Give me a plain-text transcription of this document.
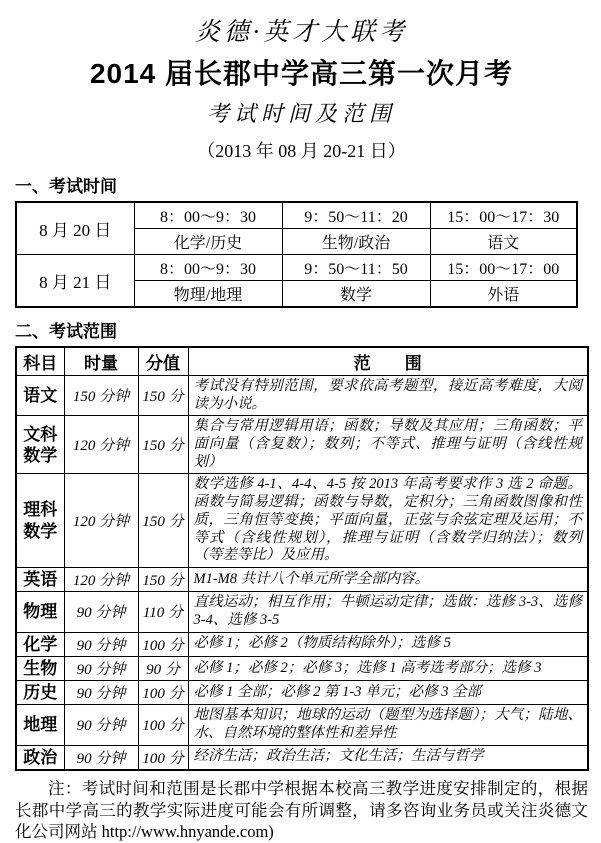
炎德·英才大联考
2014 届长郡中学高三第一次月考
考试时间及范围
（2013 年 08 月 20-21 日）
一、考试时间
8 月 20 日	8：00～9：30	9：50～11：20	15：00～17：30
	化学/历史	生物/政治	语文
8 月 21 日	8：00～9：30	9：50～11：50	15：00～17：00
	物理/地理	数学	外语
二、考试范围
科目	时量	分值	范　　围
语文	150 分钟	150 分	考试没有特别范围，要求依高考题型，接近高考难度，大阅读为小说。
文科数学	120 分钟	150 分	集合与常用逻辑用语；函数；导数及其应用；三角函数；平面向量（含复数）；数列；不等式、推理与证明（含线性规划）
理科数学	120 分钟	150 分	数学选修 4-1、4-4、4-5 按 2013 年高考要求作 3 选 2 命题。函数与简易逻辑；函数与导数，定积分；三角函数图像和性质，三角恒等变换；平面向量，正弦与余弦定理及运用；不等式（含线性规划），推理与证明（含数学归纳法）；数列（等差等比）及应用。
英语	120 分钟	150 分	M1-M8 共计八个单元所学全部内容。
物理	90 分钟	110 分	直线运动；相互作用；牛顿运动定律；选做：选修 3-3、选修 3-4、选修 3-5
化学	90 分钟	100 分	必修 1；必修 2（物质结构除外）；选修 5
生物	90 分钟	90 分	必修 1；必修 2；必修 3；选修 1 高考选考部分；选修 3
历史	90 分钟	100 分	必修 1 全部；必修 2 第 1-3 单元；必修 3 全部
地理	90 分钟	100 分	地图基本知识；地球的运动（题型为选择题）；大气；陆地、水、自然环境的整体性和差异性
政治	90 分钟	100 分	经济生活；政治生活；文化生活；生活与哲学

注：考试时间和范围是长郡中学根据本校高三教学进度安排制定的，根据长郡中学高三的教学实际进度可能会有所调整，请多咨询业务员或关注炎德文化公司网站 http://www.hnyande.com)
